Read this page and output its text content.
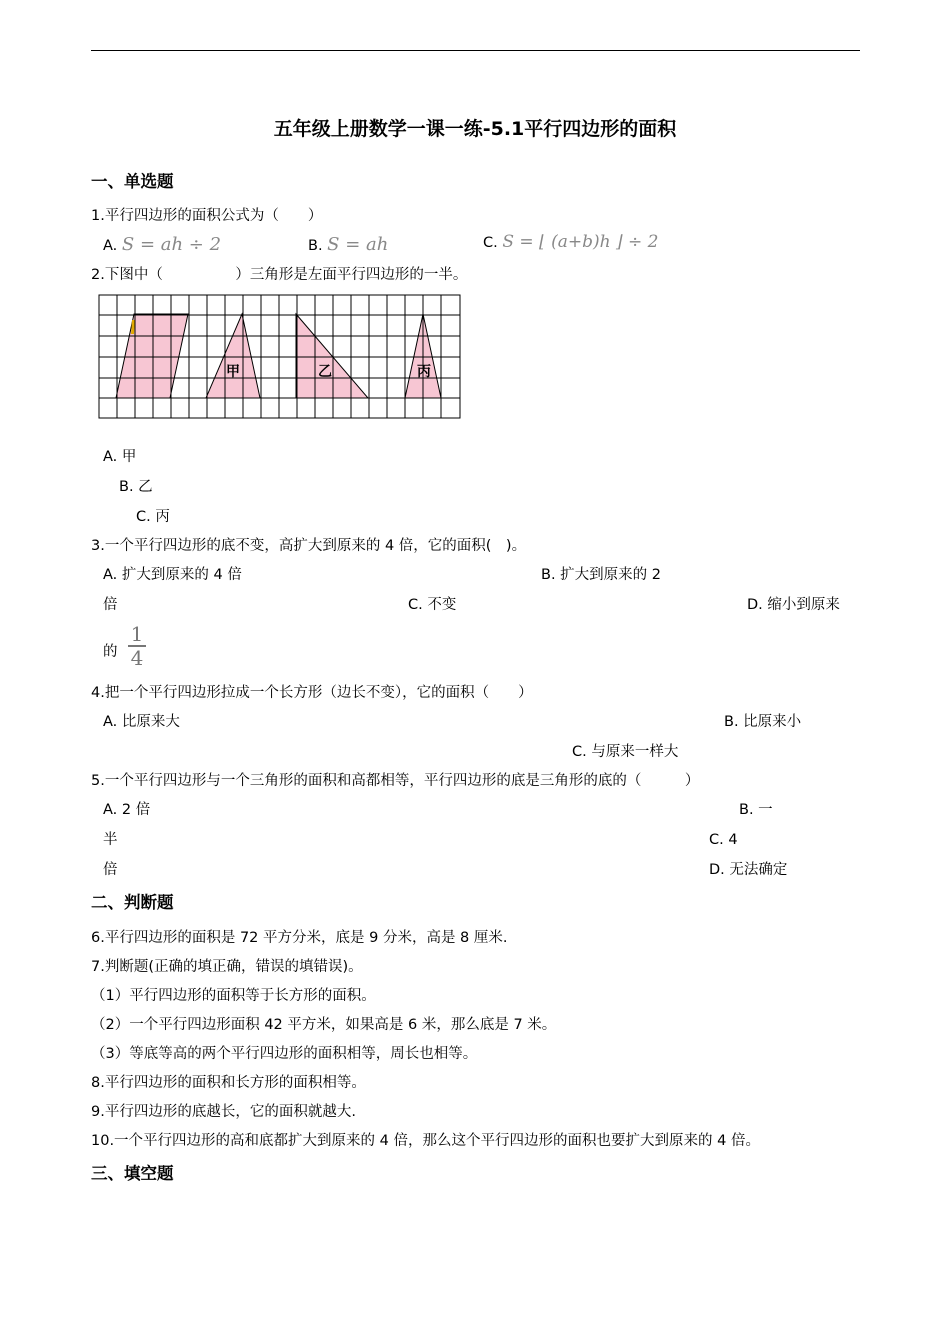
五年级上册数学一课一练-5.1平行四边形的面积
一、单选题
1.平行四边形的面积公式为（　　）
A. S = ah ÷ 2	B. S = ah	C. S = ⌊ (a+b)h ⌋ ÷ 2
2.下图中（　　　　　）三角形是左面平行四边形的一半。
甲	乙	丙
A. 甲
B. 乙
C. 丙
3.一个平行四边形的底不变，高扩大到原来的 4 倍，它的面积(　)。
A. 扩大到原来的 4 倍	B. 扩大到原来的 2
倍	C. 不变	D. 缩小到原来
的
1
4
4.把一个平行四边形拉成一个长方形（边长不变），它的面积（　　）
A. 比原来大	B. 比原来小
C. 与原来一样大
5.一个平行四边形与一个三角形的面积和高都相等，平行四边形的底是三角形的底的（　　　）
A. 2 倍	B. 一
半	C. 4
倍	D. 无法确定
二、判断题
6.平行四边形的面积是 72 平方分米，底是 9 分米，高是 8 厘米.
7.判断题(正确的填正确，错误的填错误)。
（1）平行四边形的面积等于长方形的面积。
（2）一个平行四边形面积 42 平方米，如果高是 6 米，那么底是 7 米。
（3）等底等高的两个平行四边形的面积相等，周长也相等。
8.平行四边形的面积和长方形的面积相等。
9.平行四边形的底越长，它的面积就越大.
10.一个平行四边形的高和底都扩大到原来的 4 倍，那么这个平行四边形的面积也要扩大到原来的 4 倍。
三、填空题
